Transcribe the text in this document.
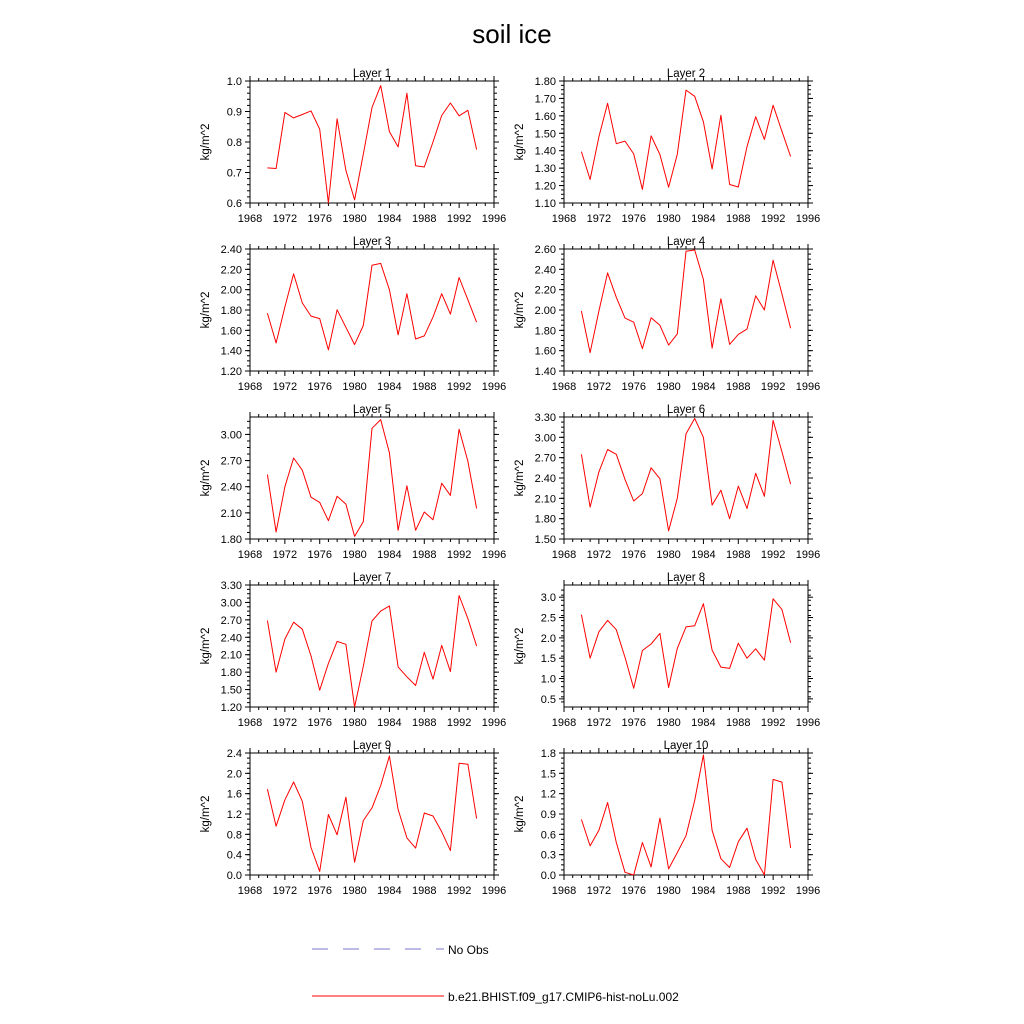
soil ice
Layer 1
1968 1972 1976 1980 1984 1988 1992 1996
0.6
0.7
0.8
0.9
1.0
kg/m^2
Layer 2
1968 1972 1976 1980 1984 1988 1992 1996
1.10
1.20
1.30
1.40
1.50
1.60
1.70
1.80
kg/m^2
Layer 3
1968 1972 1976 1980 1984 1988 1992 1996
1.20
1.40
1.60
1.80
2.00
2.20
2.40
kg/m^2
Layer 4
1968 1972 1976 1980 1984 1988 1992 1996
1.40
1.60
1.80
2.00
2.20
2.40
2.60
kg/m^2
Layer 5
1968 1972 1976 1980 1984 1988 1992 1996
1.80
2.10
2.40
2.70
3.00
kg/m^2
Layer 6
1968 1972 1976 1980 1984 1988 1992 1996
1.50
1.80
2.10
2.40
2.70
3.00
3.30
kg/m^2
Layer 7
1968 1972 1976 1980 1984 1988 1992 1996
1.20
1.50
1.80
2.10
2.40
2.70
3.00
3.30
kg/m^2
Layer 8
1968 1972 1976 1980 1984 1988 1992 1996
0.5
1.0
1.5
2.0
2.5
3.0
kg/m^2
Layer 9
1968 1972 1976 1980 1984 1988 1992 1996
0.0
0.4
0.8
1.2
1.6
2.0
2.4
kg/m^2
Layer 10
1968 1972 1976 1980 1984 1988 1992 1996
0.0
0.3
0.6
0.9
1.2
1.5
1.8
kg/m^2
No Obs
b.e21.BHIST.f09_g17.CMIP6-hist-noLu.002
